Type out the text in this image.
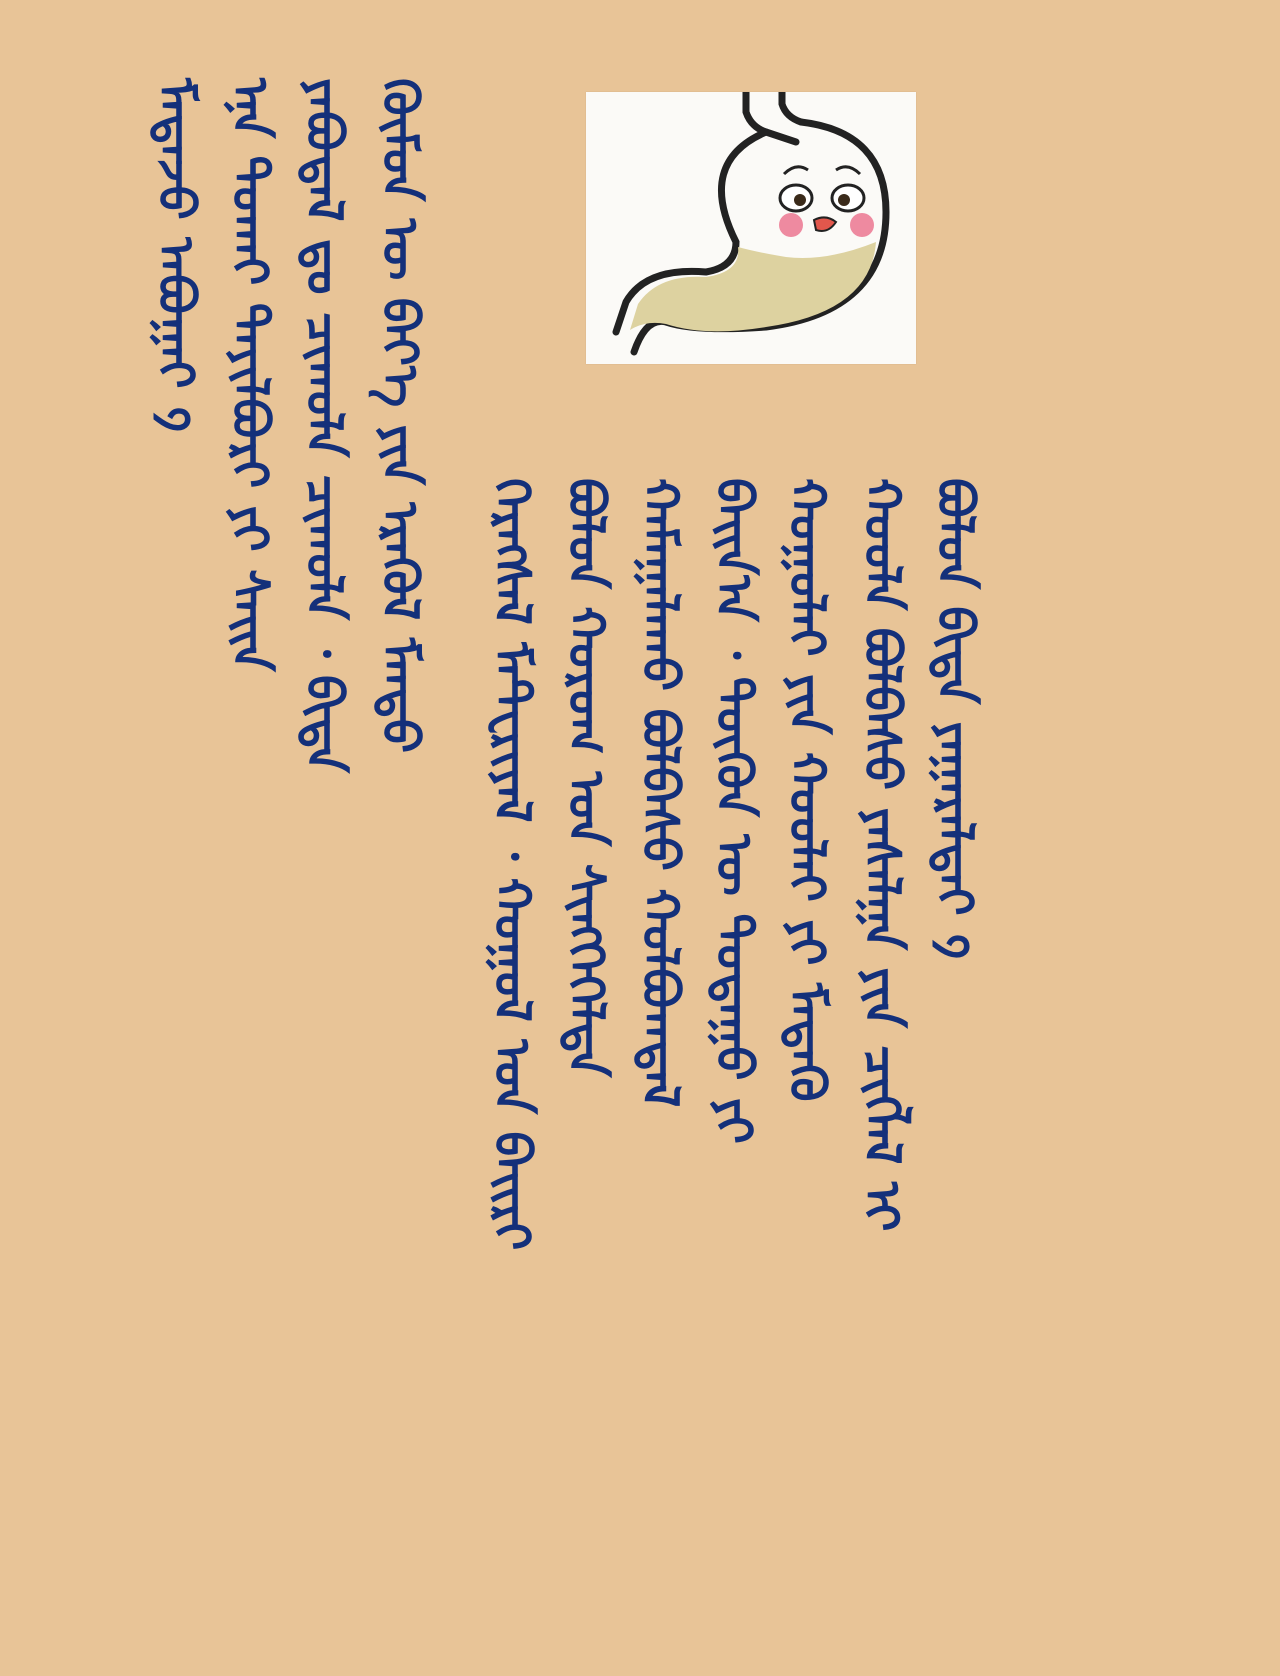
ᠪᠣᠯᠣᠨ ᠪᠢᠳᠡ ᠶᠠᠭᠠᠷᠠᠯᠲᠠᠢ ᠀
ᠬᠣᠣᠯᠠ ᠪᠣᠯᠪᠠᠰᠤ ᠶᠠᠰᠠᠯᠭᠠ ᠶᠢᠨ ᠴᠢᠭᠯᠡᠯ ᠢ
ᠬᠣᠭᠤᠯᠠᠢ ᠶᠢᠨ ᠬᠣᠣᠯᠠᠢ ᠶᠢ ᠮᠡᠳᠡᠬᠦ
ᠪᠠᠢᠨ᠎ᠠ ᠂ ᠲᠦᠭᠦᠨ ᠦ ᠳᠤᠲᠠᠭᠤ ᠶᠢ
ᠬᠠᠮᠠᠭᠠᠯᠠᠬᠤ ᠪᠣᠯᠪᠠᠰᠤ ᠬᠣᠯᠪᠣᠭᠳᠠᠯ
ᠪᠣᠯᠣᠨ ᠬᠣᠷᠣᠭ ᠤᠨ ᠰᠢᠩᠭᠡᠭᠡᠯᠲᠡ
ᠬᠡᠷᠡᠭᠰᠡᠯ ᠮᠠᠲᠧᠷᠢᠶᠠᠯ ᠂ ᠬᠣᠭᠤᠯ ᠤᠨ ᠪᠠᠢᠷᠢ
ᠬᠦᠮᠦᠨ ᠦ ᠪᠡᠶ᠎ᠡ ᠶᠢᠨ ᠡᠷᠡᠭᠦᠯ ᠮᠡᠨᠳᠦ
ᠶᠠᠪᠤᠳᠠᠯ ᠳᠤ ᠴᠢᠬᠤᠯᠠ ᠴᠢᠬᠤᠯᠠ ᠂ ᠪᠢᠳᠡ
ᠡᠨᠡ ᠲᠤᠬᠠᠢ ᠲᠠᠶᠢᠯᠪᠤᠷᠢ ᠶᠢ ᠰᠠᠢᠨ
ᠮᠡᠳᠡᠵᠦ ᠠᠪᠤᠭᠠᠢ ᠀
